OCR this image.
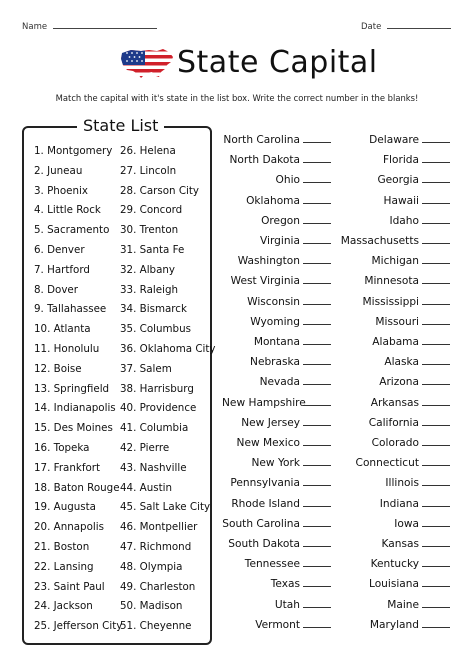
Name	Date
State Capital
Match the capital with it's state in the list box. Write the correct number in the blanks!
State List
1. Montgomery
2. Juneau
3. Phoenix
4. Little Rock
5. Sacramento
6. Denver
7. Hartford
8. Dover
9. Tallahassee
10. Atlanta
11. Honolulu
12. Boise
13. Springfield
14. Indianapolis
15. Des Moines
16. Topeka
17. Frankfort
18. Baton Rouge
19. Augusta
20. Annapolis
21. Boston
22. Lansing
23. Saint Paul
24. Jackson
25. Jefferson City
26. Helena
27. Lincoln
28. Carson City
29. Concord
30. Trenton
31. Santa Fe
32. Albany
33. Raleigh
34. Bismarck
35. Columbus
36. Oklahoma City
37. Salem
38. Harrisburg
40. Providence
41. Columbia
42. Pierre
43. Nashville
44. Austin
45. Salt Lake City
46. Montpellier
47. Richmond
48. Olympia
49. Charleston
50. Madison
51. Cheyenne
North Carolina
North Dakota
Ohio
Oklahoma
Oregon
Virginia
Washington
West Virginia
Wisconsin
Wyoming
Montana
Nebraska
Nevada
New Hampshire
New Jersey
New Mexico
New York
Pennsylvania
Rhode Island
South Carolina
South Dakota
Tennessee
Texas
Utah
Vermont
Delaware
Florida
Georgia
Hawaii
Idaho
Massachusetts
Michigan
Minnesota
Mississippi
Missouri
Alabama
Alaska
Arizona
Arkansas
California
Colorado
Connecticut
Illinois
Indiana
Iowa
Kansas
Kentucky
Louisiana
Maine
Maryland
